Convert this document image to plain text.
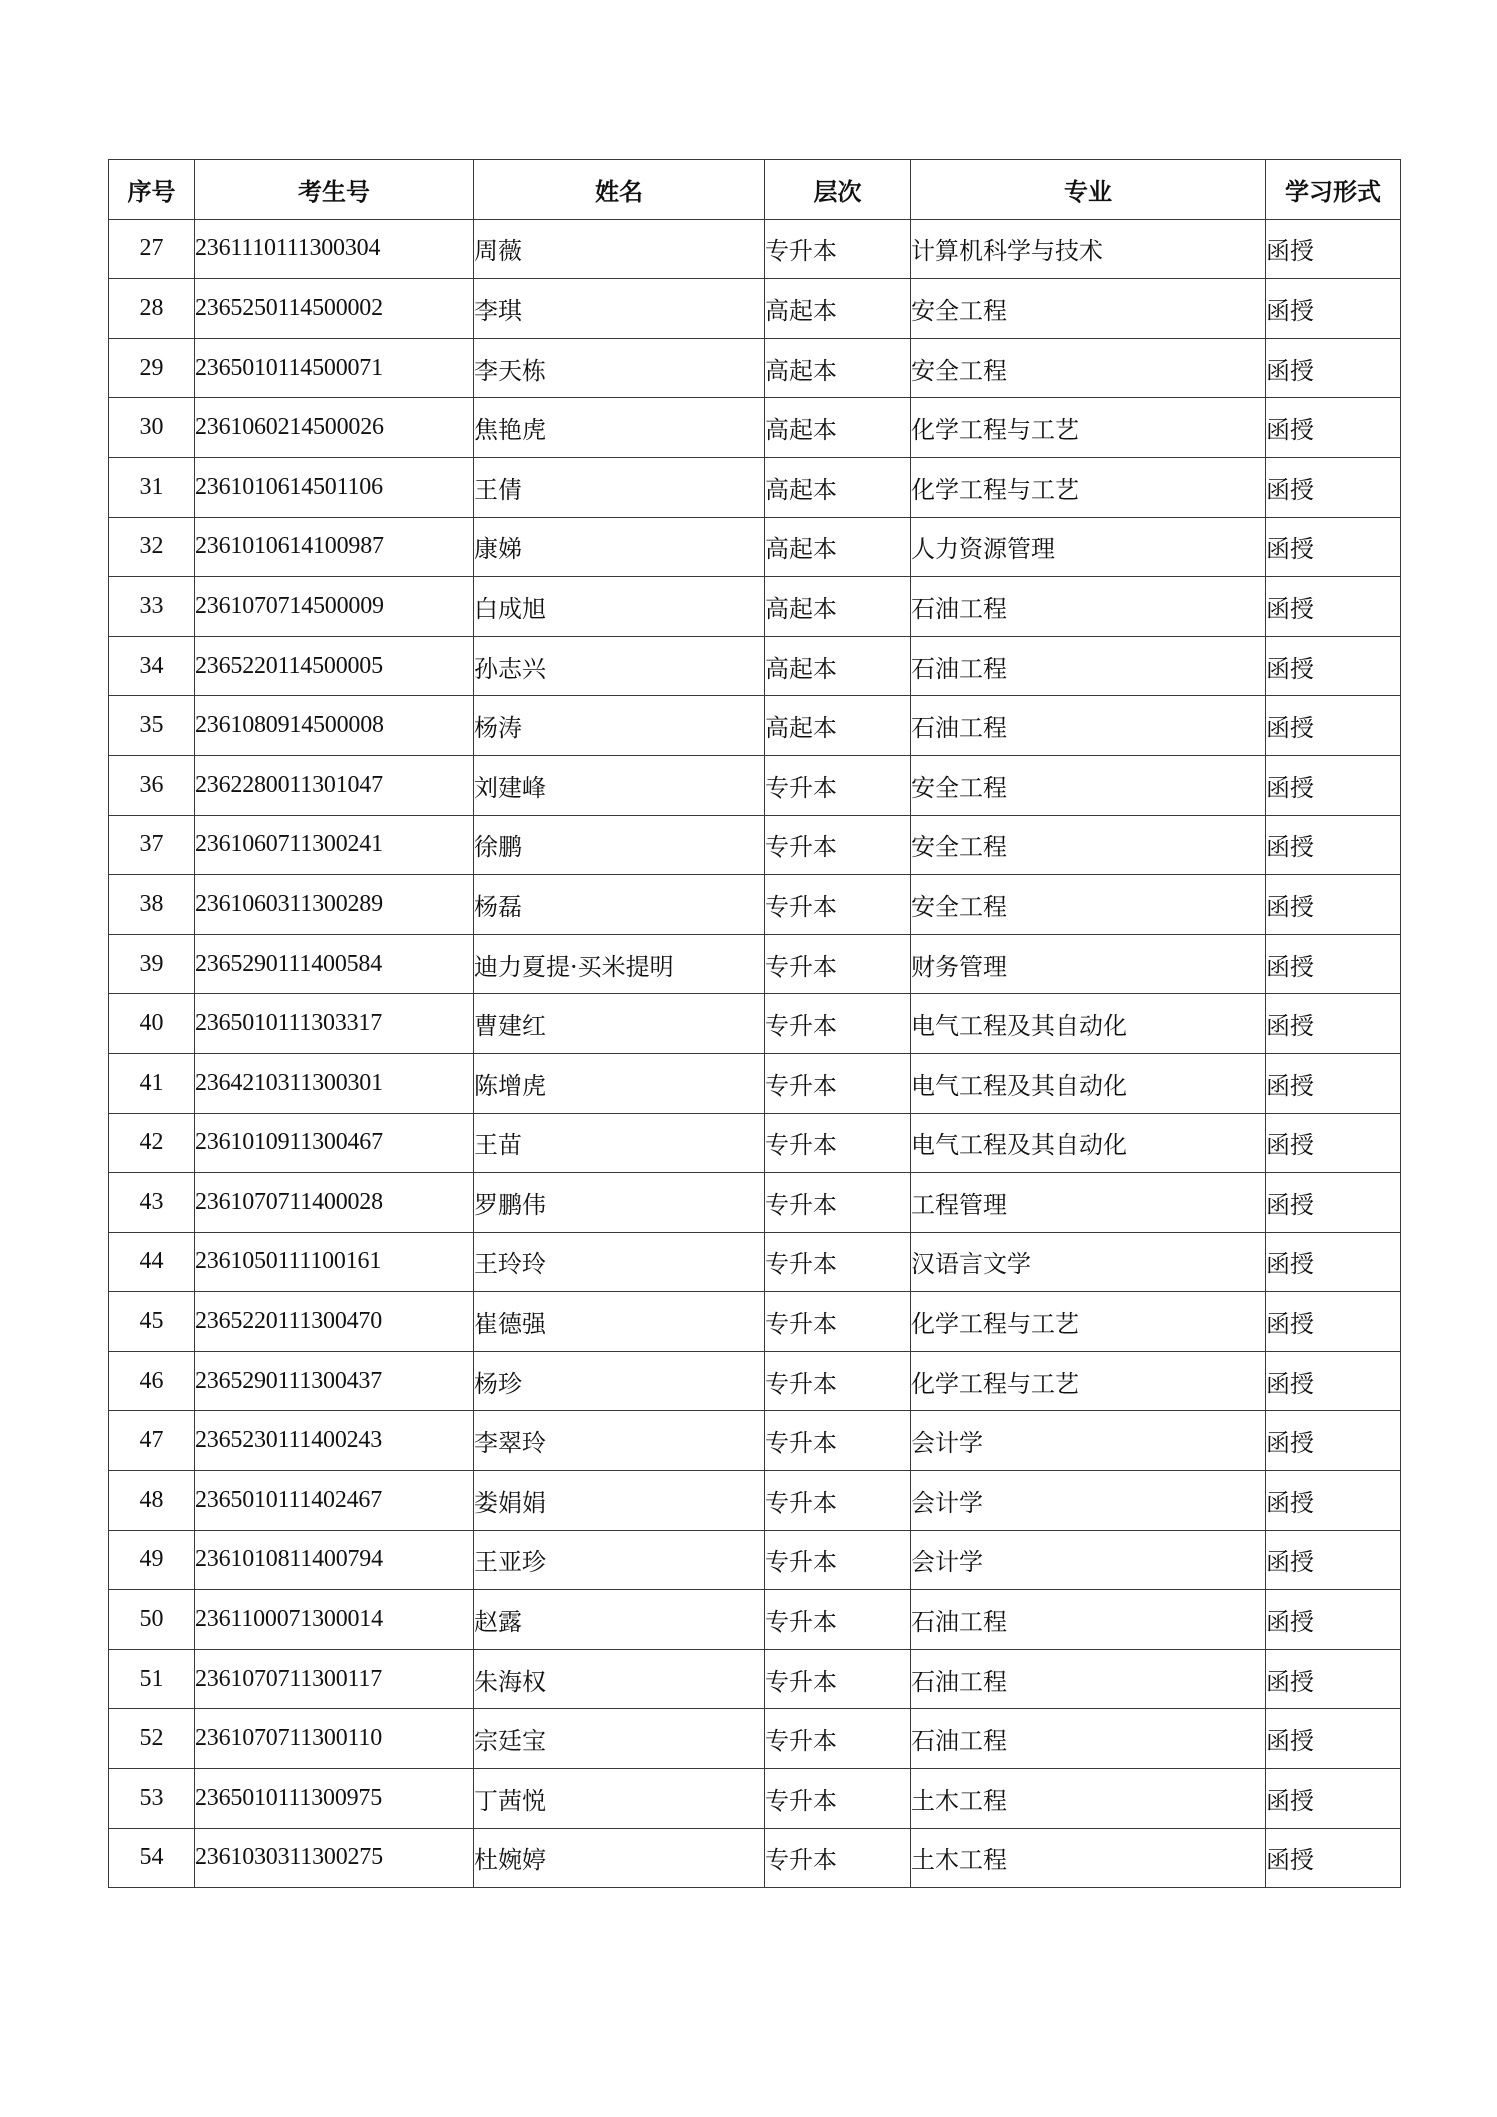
序号	考生号	姓名	层次	专业	学习形式
27	2361110111300304	周薇	专升本	计算机科学与技术	函授
28	2365250114500002	李琪	高起本	安全工程	函授
29	2365010114500071	李天栋	高起本	安全工程	函授
30	2361060214500026	焦艳虎	高起本	化学工程与工艺	函授
31	2361010614501106	王倩	高起本	化学工程与工艺	函授
32	2361010614100987	康娣	高起本	人力资源管理	函授
33	2361070714500009	白成旭	高起本	石油工程	函授
34	2365220114500005	孙志兴	高起本	石油工程	函授
35	2361080914500008	杨涛	高起本	石油工程	函授
36	2362280011301047	刘建峰	专升本	安全工程	函授
37	2361060711300241	徐鹏	专升本	安全工程	函授
38	2361060311300289	杨磊	专升本	安全工程	函授
39	2365290111400584	迪力夏提·买米提明	专升本	财务管理	函授
40	2365010111303317	曹建红	专升本	电气工程及其自动化	函授
41	2364210311300301	陈增虎	专升本	电气工程及其自动化	函授
42	2361010911300467	王苗	专升本	电气工程及其自动化	函授
43	2361070711400028	罗鹏伟	专升本	工程管理	函授
44	2361050111100161	王玲玲	专升本	汉语言文学	函授
45	2365220111300470	崔德强	专升本	化学工程与工艺	函授
46	2365290111300437	杨珍	专升本	化学工程与工艺	函授
47	2365230111400243	李翠玲	专升本	会计学	函授
48	2365010111402467	娄娟娟	专升本	会计学	函授
49	2361010811400794	王亚珍	专升本	会计学	函授
50	2361100071300014	赵露	专升本	石油工程	函授
51	2361070711300117	朱海权	专升本	石油工程	函授
52	2361070711300110	宗廷宝	专升本	石油工程	函授
53	2365010111300975	丁茜悦	专升本	土木工程	函授
54	2361030311300275	杜婉婷	专升本	土木工程	函授
